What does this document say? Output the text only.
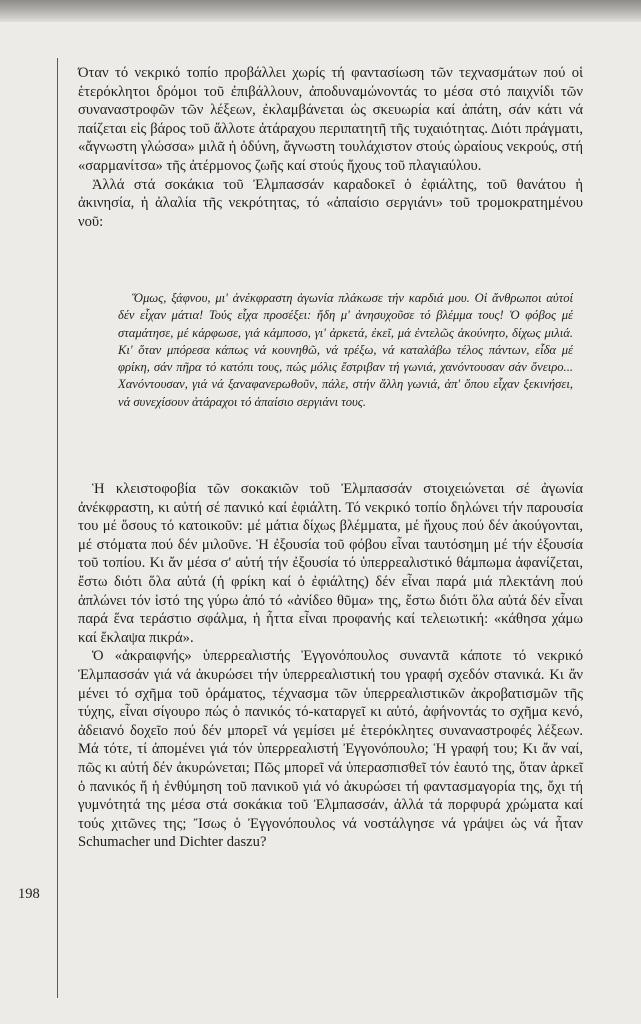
Όταν τό νεκρικό τοπίο προβάλλει χωρίς τή φαντασίωση τῶν τεχνασμάτων πού οἱ ἑτερόκλητοι δρόμοι τοῦ ἐπιβάλλουν, ἀποδυναμώνοντάς το μέσα στό παιχνίδι τῶν συναναστροφῶν τῶν λέξεων, ἐκλαμβάνεται ὡς σκευωρία καί ἀπάτη, σάν κάτι νά παίζεται εἰς βάρος τοῦ ἄλλοτε ἀτάραχου περιπατητῆ τῆς τυχαιότητας. Διότι πράγματι, «ἄγνωστη γλώσσα» μιλᾶ ἡ ὀδύνη, ἄγνωστη τουλάχιστον στούς ὡραίους νεκρούς, στή «σαρμανίτσα» τῆς ἀτέρμονος ζωῆς καί στούς ἤχους τοῦ πλαγιαύλου.

Ἀλλά στά σοκάκια τοῦ Ἐλμπασσάν καραδοκεῖ ὁ ἐφιάλτης, τοῦ θανάτου ἡ ἀκινησία, ἡ ἀλαλία τῆς νεκρότητας, τό «ἀπαίσιο σεργιάνι» τοῦ τρομοκρατημένου νοῦ:

Ὅμως, ξάφνου, μι' ἀνέκφραστη ἀγωνία πλάκωσε τήν καρδιά μου. Οἱ ἄνθρωποι αὐτοί δέν εἶχαν μάτια! Τούς εἶχα προσέξει: ἤδη μ' ἀνησυχοῦσε τό βλέμμα τους! Ὁ φόβος μέ σταμάτησε, μέ κάρφωσε, γιά κάμποσο, γι' ἀρκετά, ἐκεῖ, μά ἐντελῶς ἀκούνητο, δίχως μιλιά. Κι' ὅταν μπόρεσα κάπως νά κουνηθῶ, νά τρέξω, νά καταλάβω τέλος πάντων, εἶδα μέ φρίκη, σάν πῆρα τό κατόπι τους, πώς μόλις ἔστριβαν τή γωνιά, χανόντουσαν σάν ὄνειρο... Χανόντουσαν, γιά νά ξαναφανερωθοῦν, πάλε, στήν ἄλλη γωνιά, ἀπ' ὅπου εἶχαν ξεκινήσει, νά συνεχίσουν ἀτάραχοι τό ἀπαίσιο σεργιάνι τους.

Ἡ κλειστοφοβία τῶν σοκακιῶν τοῦ Ἐλμπασσάν στοιχειώνεται σέ ἀγωνία ἀνέκφραστη, κι αὐτή σέ πανικό καί ἐφιάλτη. Τό νεκρικό τοπίο δηλώνει τήν παρουσία του μέ ὅσους τό κατοικοῦν: μέ μάτια δίχως βλέμματα, μέ ἤχους πού δέν ἀκούγονται, μέ στόματα πού δέν μιλοῦνε. Ἡ ἐξουσία τοῦ φόβου εἶναι ταυτόσημη μέ τήν ἐξουσία τοῦ τοπίου. Κι ἄν μέσα σ' αὐτή τήν ἐξουσία τό ὑπερρεαλιστικό θάμπωμα ἀφανίζεται, ἔστω διότι ὅλα αὐτά (ἡ φρίκη καί ὁ ἐφιάλτης) δέν εἶναι παρά μιά πλεκτάνη πού ἁπλώνει τόν ἱστό της γύρω ἀπό τό «ἀνίδεο θῦμα» της, ἔστω διότι ὅλα αὐτά δέν εἶναι παρά ἕνα τεράστιο σφάλμα, ἡ ἧττα εἶναι προφανής καί τελειωτική: «κάθησα χάμω καί ἔκλαψα πικρά».

Ὁ «ἀκραιφνής» ὑπερρεαλιστής Ἐγγονόπουλος συναντᾶ κάποτε τό νεκρικό Ἐλμπασσάν γιά νά ἀκυρώσει τήν ὑπερρεαλιστική του γραφή σχεδόν στανικά. Κι ἄν μένει τό σχῆμα τοῦ ὁράματος, τέχνασμα τῶν ὑπερρεαλιστικῶν ἀκροβατισμῶν τῆς τύχης, εἶναι σίγουρο πώς ὁ πανικός τό-καταργεῖ κι αὐτό, ἀφήνοντάς το σχῆμα κενό, ἀδειανό δοχεῖο πού δέν μπορεῖ νά γεμίσει μέ ἑτερόκλητες συναναστροφές λέξεων. Μά τότε, τί ἀπομένει γιά τόν ὑπερρεαλιστή Ἐγγονόπουλο; Ἡ γραφή του; Κι ἄν ναί, πῶς κι αὐτή δέν ἀκυρώνεται; Πῶς μπορεῖ νά ὑπερασπισθεῖ τόν ἑαυτό της, ὅταν ἀρκεῖ ὁ πανικός ἤ ἡ ἐνθύμηση τοῦ πανικοῦ γιά νό ἀκυρώσει τή φαντασμαγορία της, ὄχι τή γυμνότητά της μέσα στά σοκάκια τοῦ Ἐλμπασσάν, ἀλλά τά πορφυρά χρώματα καί τούς χιτῶνες της; Ἴσως ὁ Ἐγγονόπουλος νά νοστάλγησε νά γράψει ὡς νά ἦταν Schumacher und Dichter daszu?

198
